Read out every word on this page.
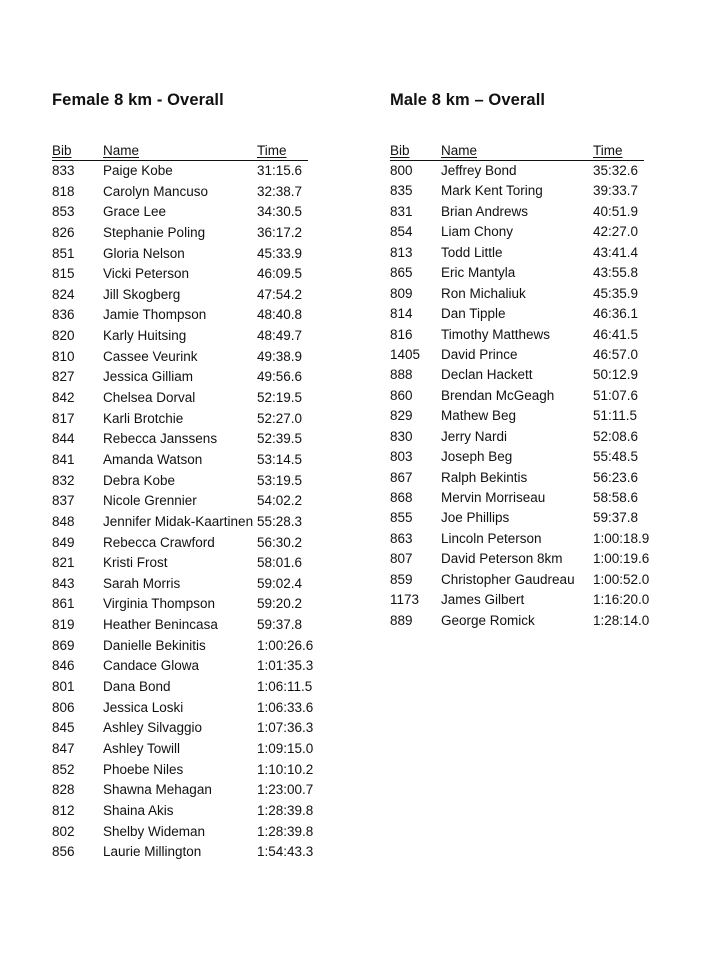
Female 8 km - Overall
Bib Name	Time
833 Paige Kobe	31:15.6
818 Carolyn Mancuso	32:38.7
853 Grace Lee	34:30.5
826 Stephanie Poling	36:17.2
851 Gloria Nelson	45:33.9
815 Vicki Peterson	46:09.5
824 Jill Skogberg	47:54.2
836 Jamie Thompson	48:40.8
820 Karly Huitsing	48:49.7
810 Cassee Veurink	49:38.9
827 Jessica Gilliam	49:56.6
842 Chelsea Dorval	52:19.5
817 Karli Brotchie	52:27.0
844 Rebecca Janssens	52:39.5
841 Amanda Watson	53:14.5
832 Debra Kobe	53:19.5
837 Nicole Grennier	54:02.2
848 Jennifer Midak-Kaartinen 55:28.3
849 Rebecca Crawford	56:30.2
821 Kristi Frost	58:01.6
843 Sarah Morris	59:02.4
861 Virginia Thompson	59:20.2
819 Heather Benincasa	59:37.8
869 Danielle Bekinitis	1:00:26.6
846 Candace Glowa	1:01:35.3
801 Dana Bond	1:06:11.5
806 Jessica Loski	1:06:33.6
845 Ashley Silvaggio	1:07:36.3
847 Ashley Towill	1:09:15.0
852 Phoebe Niles	1:10:10.2
828 Shawna Mehagan	1:23:00.7
812 Shaina Akis	1:28:39.8
802 Shelby Wideman	1:28:39.8
856 Laurie Millington	1:54:43.3
Male 8 km – Overall
Bib Name	Time
800 Jeffrey Bond	35:32.6
835 Mark Kent Toring	39:33.7
831 Brian Andrews	40:51.9
854 Liam Chony	42:27.0
813 Todd Little	43:41.4
865 Eric Mantyla	43:55.8
809 Ron Michaliuk	45:35.9
814 Dan Tipple	46:36.1
816 Timothy Matthews	46:41.5
1405 David Prince	46:57.0
888 Declan Hackett	50:12.9
860 Brendan McGeagh	51:07.6
829 Mathew Beg	51:11.5
830 Jerry Nardi	52:08.6
803 Joseph Beg	55:48.5
867 Ralph Bekintis	56:23.6
868 Mervin Morriseau	58:58.6
855 Joe Phillips	59:37.8
863 Lincoln Peterson	1:00:18.9
807 David Peterson 8km 1:00:19.6
859 Christopher Gaudreau 1:00:52.0
1173 James Gilbert	1:16:20.0
889 George Romick	1:28:14.0
